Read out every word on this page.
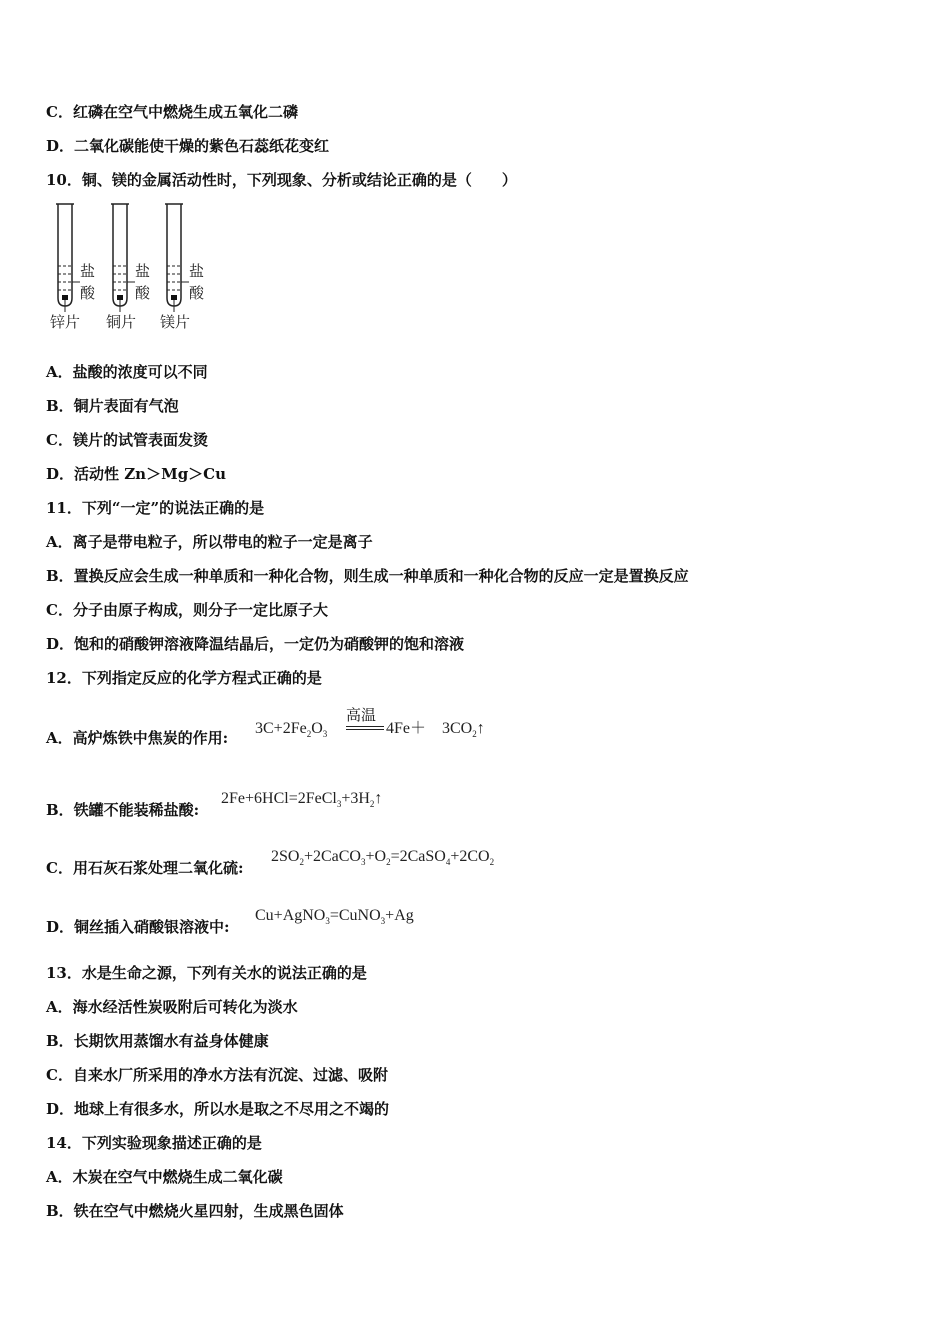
C．红磷在空气中燃烧生成五氧化二磷
D．二氧化碳能使干燥的紫色石蕊纸花变红
10．铜、镁的金属活动性时，下列现象、分析或结论正确的是（　　）
盐
酸
盐
酸
盐
酸
锌片 铜片 镁片
A．盐酸的浓度可以不同
B．铜片表面有气泡
C．镁片的试管表面发烫
D．活动性 Zn＞Mg＞Cu
11．下列“一定”的说法正确的是
A．离子是带电粒子，所以带电的粒子一定是离子
B．置换反应会生成一种单质和一种化合物，则生成一种单质和一种化合物的反应一定是置换反应
C．分子由原子构成，则分子一定比原子大
D．饱和的硝酸钾溶液降温结晶后，一定仍为硝酸钾的饱和溶液
12．下列指定反应的化学方程式正确的是
A．高炉炼铁中焦炭的作用:
高温
$3C+2Fe_2O_3$	4Fe＋    $3CO_2↑$
B．铁罐不能装稀盐酸:
$2Fe+6HCl=2FeCl_3+3H_2↑$
C．用石灰石浆处理二氧化硫:
$2SO_2+2CaCO_3+O_2=2CaSO_4+2CO_2$
D．铜丝插入硝酸银溶液中:
Cu+AgNO$_3$=CuNO$_3$+Ag
13．水是生命之源，下列有关水的说法正确的是
A．海水经活性炭吸附后可转化为淡水
B．长期饮用蒸馏水有益身体健康
C．自来水厂所采用的净水方法有沉淀、过滤、吸附
D．地球上有很多水，所以水是取之不尽用之不竭的
14．下列实验现象描述正确的是
A．木炭在空气中燃烧生成二氧化碳
B．铁在空气中燃烧火星四射，生成黑色固体
